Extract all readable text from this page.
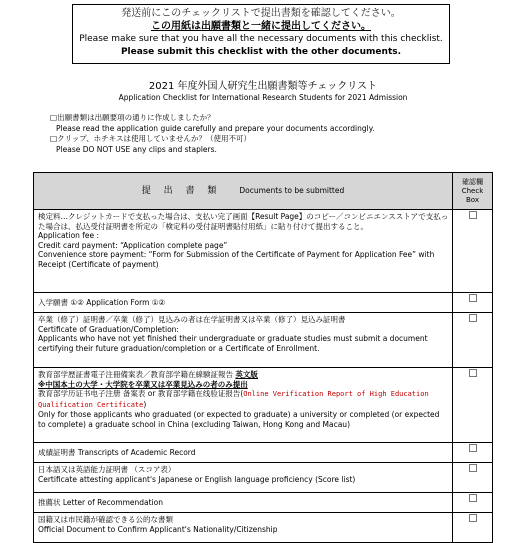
発送前にこのチェックリストで提出書類を確認してください。
この用紙は出願書類と一緒に提出してください。
Please make sure that you have all the necessary documents with this checklist.
Please submit this checklist with the other documents.
2021 年度外国人研究生出願書類等チェックリスト
Application Checklist for International Research Students for 2021 Admission
□出願書類は出願要項の通りに作成しましたか？
Please read the application guide carefully and prepare your documents accordingly.
□クリップ、ホチキスは使用していませんか？（使用不可）
Please DO NOT USE any clips and staplers.
提 出 書 類 Documents to be submitted	確認欄
Check
Box

検定料…クレジットカードで支払った場合は、支払い完了画面【Result Page】のコピー／コンビニエンスストアで支払った場合は、払込受付証明書を所定の「検定料の受付証明書貼付用紙」に貼り付けて提出すること。
Application fee :
Credit card payment: “Application complete page”
Convenience store payment: “Form for Submission of the Certificate of Payment for Application Fee” with Receipt (Certificate of payment)	

入学願書 ①② Application Form ①②	

卒業（修了）証明書／卒業（修了）見込みの者は在学証明書又は卒業（修了）見込み証明書
Certificate of Graduation/Completion:
Applicants who have not yet finished their undergraduate or graduate studies must submit a document certifying their future graduation/completion or a Certificate of Enrollment.	

教育部学歴証書電子注冊備案表／教育部学籍在線験証報告 英文版
※中国本土の大学・大学院を卒業又は卒業見込みの者のみ提出
教育部学历证书电子注册 备案表 or 教育部学籍在线验证报告(Online Verification Report of High Education Qualification Certificate)
Only for those applicants who graduated (or expected to graduate) a university or completed (or expected to complete) a graduate school in China (excluding Taiwan, Hong Kong and Macau)	

成績証明書 Transcripts of Academic Record	

日本語又は英語能力証明書 （スコア表）
Certificate attesting applicant's Japanese or English language proficiency (Score list)	

推薦状 Letter of Recommendation	

国籍又は市民籍が確認できる公的な書類
Official Document to Confirm Applicant's Nationality/Citizenship	
